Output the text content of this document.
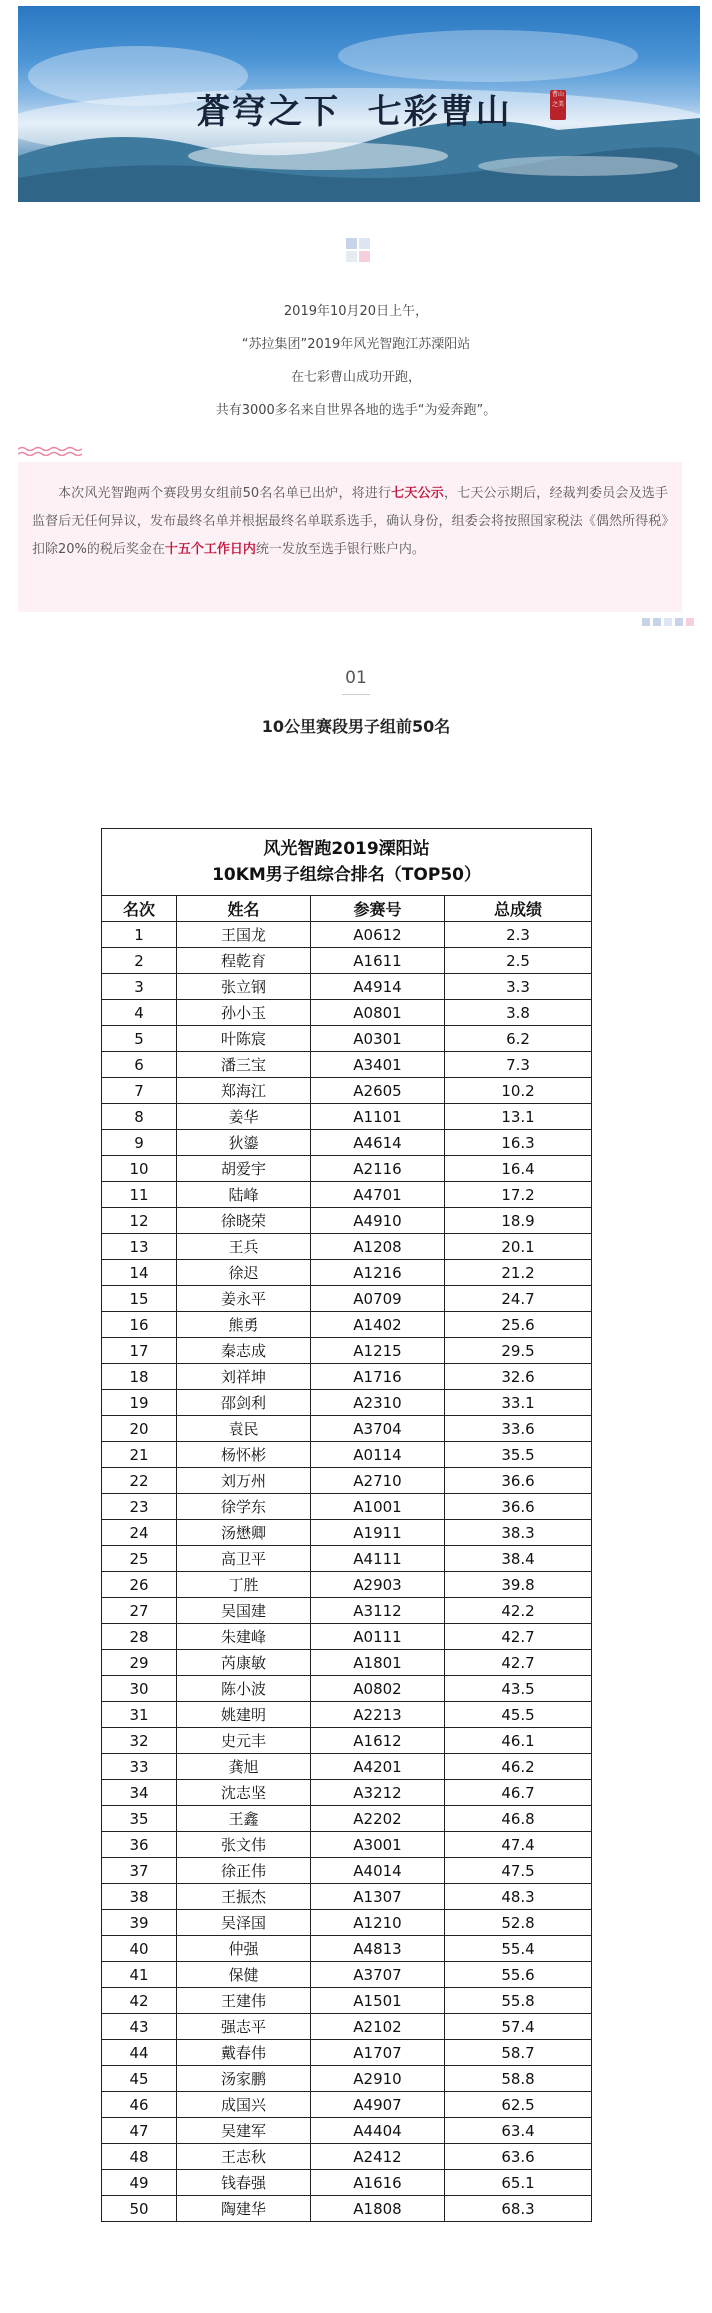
蒼穹之下  七彩曹山	曹山之美
2019年10月20日上午，
“苏拉集团”2019年风光智跑江苏溧阳站
在七彩曹山成功开跑，
共有3000多名来自世界各地的选手“为爱奔跑”。

本次风光智跑两个赛段男女组前50名名单已出炉，将进行七天公示，七天公示期后，经裁判委员会及选手监督后无任何异议，发布最终名单并根据最终名单联系选手，确认身份，组委会将按照国家税法《偶然所得税》扣除20%的税后奖金在十五个工作日内统一发放至选手银行账户内。

01
10公里赛段男子组前50名
风光智跑2019溧阳站
10KM男子组综合排名（TOP50）			

名次	姓名	参赛号	总成绩
1	王国龙	A0612	2.3
2	程乾育	A1611	2.5
3	张立钢	A4914	3.3
4	孙小玉	A0801	3.8
5	叶陈宸	A0301	6.2
6	潘三宝	A3401	7.3
7	郑海江	A2605	10.2
8	姜华	A1101	13.1
9	狄鎏	A4614	16.3
10	胡爱宇	A2116	16.4
11	陆峰	A4701	17.2
12	徐晓荣	A4910	18.9
13	王兵	A1208	20.1
14	徐迟	A1216	21.2
15	姜永平	A0709	24.7
16	熊勇	A1402	25.6
17	秦志成	A1215	29.5
18	刘祥坤	A1716	32.6
19	邵剑利	A2310	33.1
20	袁民	A3704	33.6
21	杨怀彬	A0114	35.5
22	刘万州	A2710	36.6
23	徐学东	A1001	36.6
24	汤懋卿	A1911	38.3
25	高卫平	A4111	38.4
26	丁胜	A2903	39.8
27	吴国建	A3112	42.2
28	朱建峰	A0111	42.7
29	芮康敏	A1801	42.7
30	陈小波	A0802	43.5
31	姚建明	A2213	45.5
32	史元丰	A1612	46.1
33	龚旭	A4201	46.2
34	沈志坚	A3212	46.7
35	王鑫	A2202	46.8
36	张文伟	A3001	47.4
37	徐正伟	A4014	47.5
38	王振杰	A1307	48.3
39	吴泽国	A1210	52.8
40	仲强	A4813	55.4
41	保健	A3707	55.6
42	王建伟	A1501	55.8
43	强志平	A2102	57.4
44	戴春伟	A1707	58.7
45	汤家鹏	A2910	58.8
46	成国兴	A4907	62.5
47	吴建军	A4404	63.4
48	王志秋	A2412	63.6
49	钱春强	A1616	65.1
50	陶建华	A1808	68.3
